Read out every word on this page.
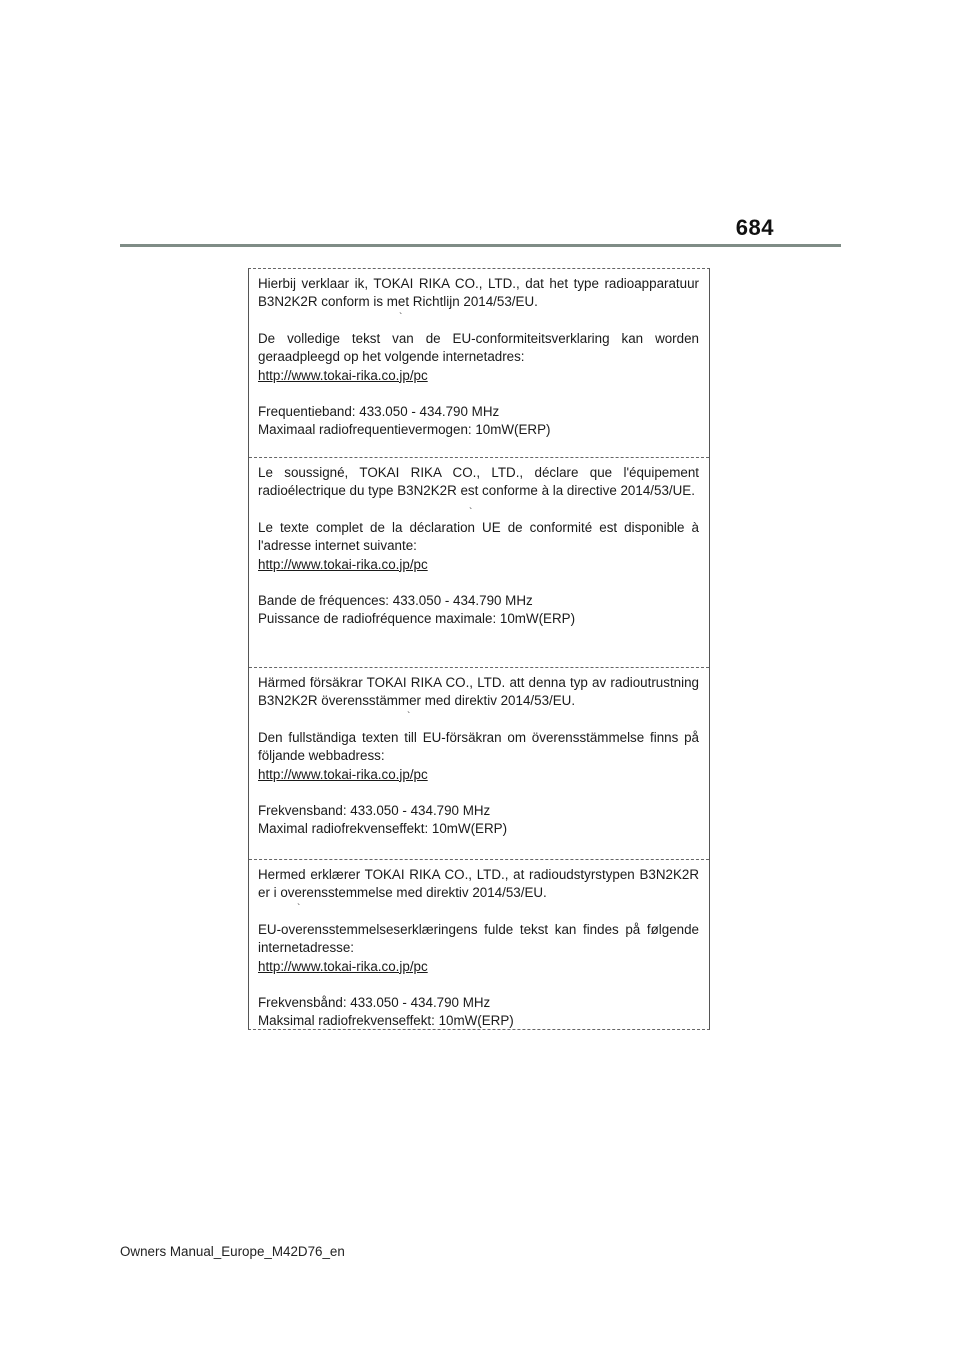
684

Hierbij verklaar ik, TOKAI RIKA CO., LTD., dat het type radioapparatuur B3N2K2R conform is met Richtlijn 2014/53/EU.

De volledige tekst van de EU-conformiteitsverklaring kan worden geraadpleegd op het volgende internetadres:
http://www.tokai-rika.co.jp/pc

Frequentieband: 433.050 - 434.790 MHz
Maximaal radiofrequentievermogen: 10mW(ERP)

`

Le soussigné, TOKAI RIKA CO., LTD., déclare que l'équipement radioélectrique du type B3N2K2R est conforme à la directive 2014/53/UE.

Le texte complet de la déclaration UE de conformité est disponible à l'adresse internet suivante:
http://www.tokai-rika.co.jp/pc

Bande de fréquences: 433.050 - 434.790 MHz
Puissance de radiofréquence maximale: 10mW(ERP)

`

Härmed försäkrar TOKAI RIKA CO., LTD. att denna typ av radioutrustning B3N2K2R överensstämmer med direktiv 2014/53/EU.

Den fullständiga texten till EU-försäkran om överensstämmelse finns på följande webbadress:
http://www.tokai-rika.co.jp/pc

Frekvensband: 433.050 - 434.790 MHz
Maximal radiofrekvenseffekt: 10mW(ERP)

`

Hermed erklærer TOKAI RIKA CO., LTD., at radioudstyrstypen B3N2K2R er i overensstemmelse med direktiv 2014/53/EU.

EU-overensstemmelseserklæringens fulde tekst kan findes på følgende internetadresse:
http://www.tokai-rika.co.jp/pc

Frekvensbånd: 433.050 - 434.790 MHz
Maksimal radiofrekvenseffekt: 10mW(ERP)

`
Owners Manual_Europe_M42D76_en
